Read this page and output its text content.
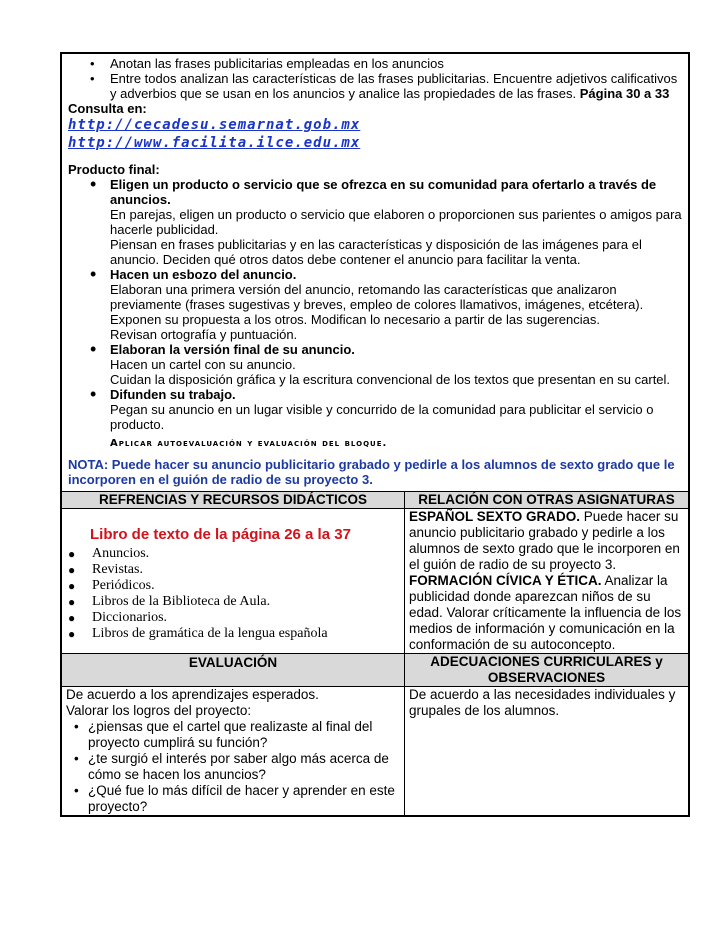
• Anotan las frases publicitarias empleadas en los anuncios
• Entre todos analizan las características de las frases publicitarias. Encuentre adjetivos calificativos y adverbios que se usan en los anuncios y analice las propiedades de las frases. Página 30 a 33
Consulta en:
http://cecadesu.semarnat.gob.mx
http://www.facilita.ilce.edu.mx
Producto final:
• Eligen un producto o servicio que se ofrezca en su comunidad para ofertarlo a través de anuncios.
En parejas, eligen un producto o servicio que elaboren o proporcionen sus parientes o amigos para hacerle publicidad.
Piensan en frases publicitarias y en las características y disposición de las imágenes para el anuncio. Deciden qué otros datos debe contener el anuncio para facilitar la venta.
• Hacen un esbozo del anuncio.
Elaboran una primera versión del anuncio, retomando las características que analizaron previamente (frases sugestivas y breves, empleo de colores llamativos, imágenes, etcétera).
Exponen su propuesta a los otros. Modifican lo necesario a partir de las sugerencias.
Revisan ortografía y puntuación.
• Elaboran la versión final de su anuncio.
Hacen un cartel con su anuncio.
Cuidan la disposición gráfica y la escritura convencional de los textos que presentan en su cartel.
• Difunden su trabajo.
Pegan su anuncio en un lugar visible y concurrido de la comunidad para publicitar el servicio o producto.
Aplicar autoevaluación y evaluación del bloque.
NOTA: Puede hacer su anuncio publicitario grabado y pedirle a los alumnos de sexto grado que le incorporen en el guión de radio de su proyecto 3.
REFRENCIAS Y RECURSOS DIDÁCTICOS	RELACIÓN CON OTRAS ASIGNATURAS
Libro de texto de la página 26 a la 37
● Anuncios.
● Revistas.
● Periódicos.
● Libros de la Biblioteca de Aula.
● Diccionarios.
● Libros de gramática de la lengua española
ESPAÑOL SEXTO GRADO. Puede hacer su anuncio publicitario grabado y pedirle a los alumnos de sexto grado que le incorporen en el guión de radio de su proyecto 3.
FORMACIÓN CÍVICA Y ÉTICA. Analizar la publicidad donde aparezcan niños de su edad. Valorar críticamente la influencia de los medios de información y comunicación en la conformación de su autoconcepto.
EVALUACIÓN	ADECUACIONES CURRICULARES y OBSERVACIONES
De acuerdo a los aprendizajes esperados.
Valorar los logros del proyecto:
• ¿piensas que el cartel que realizaste al final del proyecto cumplirá su función?
• ¿te surgió el interés por saber algo más acerca de cómo se hacen los anuncios?
• ¿Qué fue lo más difícil de hacer y aprender en este proyecto?
De acuerdo a las necesidades individuales y grupales de los alumnos.
